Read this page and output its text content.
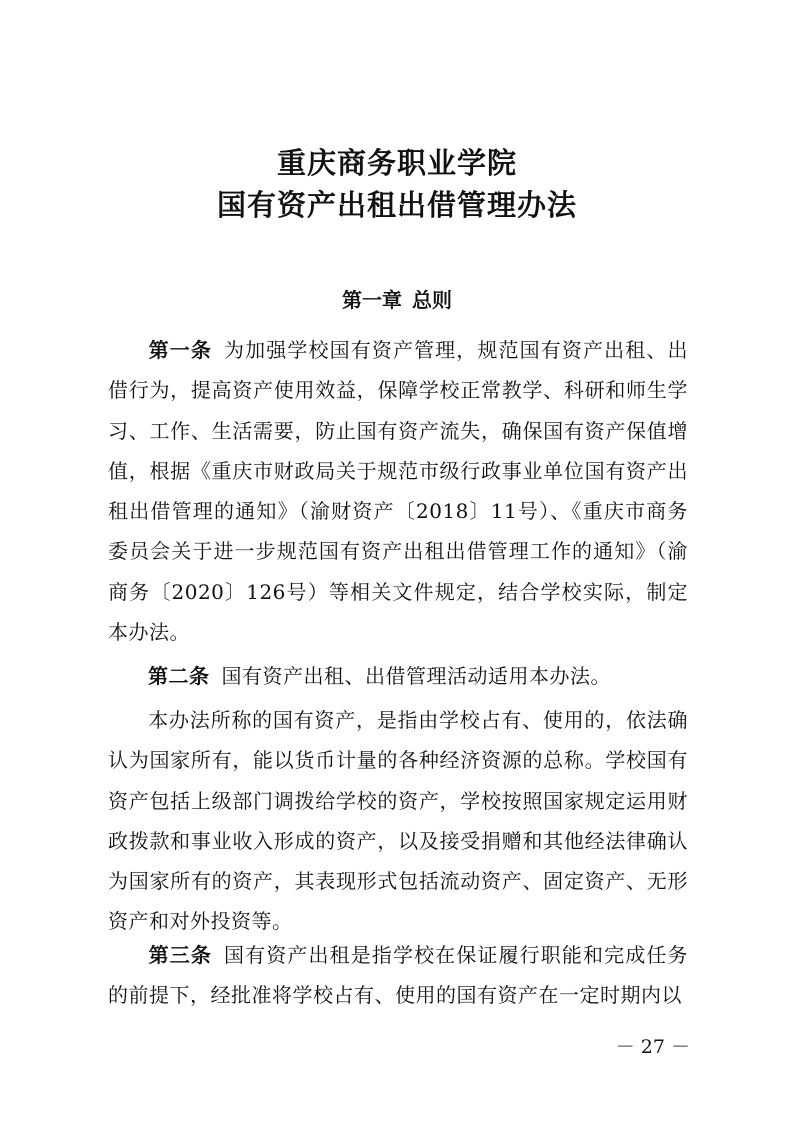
重庆商务职业学院
国有资产出租出借管理办法
第一章 总则
第一条 为加强学校国有资产管理，规范国有资产出租、出借行为，提高资产使用效益，保障学校正常教学、科研和师生学习、工作、生活需要，防止国有资产流失，确保国有资产保值增值，根据《重庆市财政局关于规范市级行政事业单位国有资产出租出借管理的通知》（渝财资产〔2018〕11号）、《重庆市商务委员会关于进一步规范国有资产出租出借管理工作的通知》（渝商务〔2020〕126号）等相关文件规定，结合学校实际，制定本办法。
第二条 国有资产出租、出借管理活动适用本办法。
本办法所称的国有资产，是指由学校占有、使用的，依法确认为国家所有，能以货币计量的各种经济资源的总称。学校国有资产包括上级部门调拨给学校的资产，学校按照国家规定运用财政拨款和事业收入形成的资产，以及接受捐赠和其他经法律确认为国家所有的资产，其表现形式包括流动资产、固定资产、无形资产和对外投资等。
第三条 国有资产出租是指学校在保证履行职能和完成任务的前提下，经批准将学校占有、使用的国有资产在一定时期内以
－ 27 －
